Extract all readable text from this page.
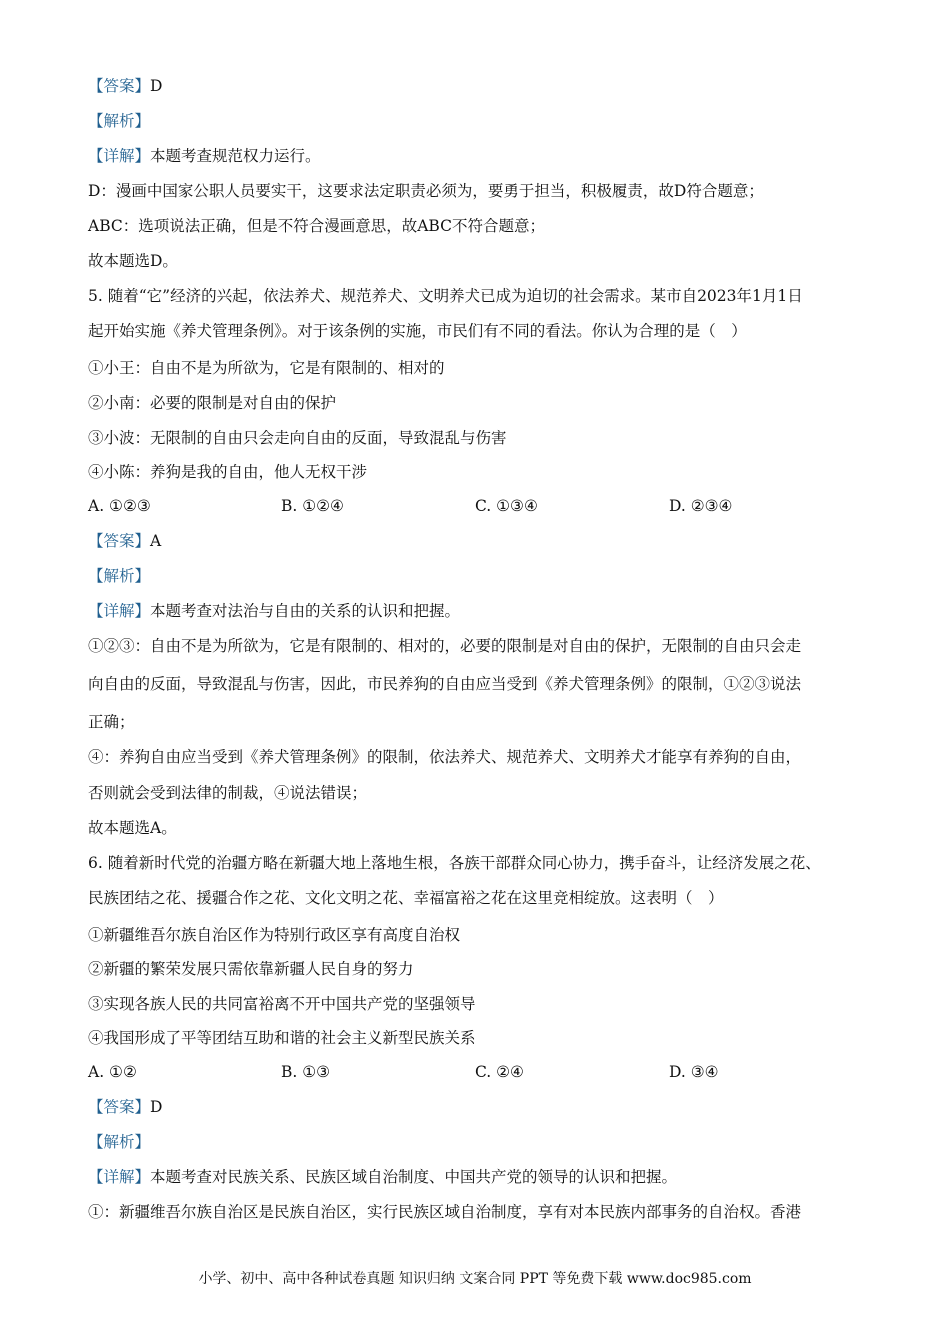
【答案】D
【解析】
【详解】本题考查规范权力运行。
D：漫画中国家公职人员要实干，这要求法定职责必须为，要勇于担当，积极履责，故D符合题意；
ABC：选项说法正确，但是不符合漫画意思，故ABC不符合题意；
故本题选D。
5. 随着“它”经济的兴起，依法养犬、规范养犬、文明养犬已成为迫切的社会需求。某市自2023年1月1日
起开始实施《养犬管理条例》。对于该条例的实施，市民们有不同的看法。你认为合理的是（　）
①小王：自由不是为所欲为，它是有限制的、相对的
②小南：必要的限制是对自由的保护
③小波：无限制的自由只会走向自由的反面，导致混乱与伤害
④小陈：养狗是我的自由，他人无权干涉
A. ①②③	B. ①②④	C. ①③④	D. ②③④
【答案】A
【解析】
【详解】本题考查对法治与自由的关系的认识和把握。
①②③：自由不是为所欲为，它是有限制的、相对的，必要的限制是对自由的保护，无限制的自由只会走
向自由的反面，导致混乱与伤害，因此，市民养狗的自由应当受到《养犬管理条例》的限制，①②③说法
正确；
④：养狗自由应当受到《养犬管理条例》的限制，依法养犬、规范养犬、文明养犬才能享有养狗的自由，
否则就会受到法律的制裁，④说法错误；
故本题选A。
6. 随着新时代党的治疆方略在新疆大地上落地生根，各族干部群众同心协力，携手奋斗，让经济发展之花、
民族团结之花、援疆合作之花、文化文明之花、幸福富裕之花在这里竞相绽放。这表明（　）
①新疆维吾尔族自治区作为特别行政区享有高度自治权
②新疆的繁荣发展只需依靠新疆人民自身的努力
③实现各族人民的共同富裕离不开中国共产党的坚强领导
④我国形成了平等团结互助和谐的社会主义新型民族关系
A. ①②	B. ①③	C. ②④	D. ③④
【答案】D
【解析】
【详解】本题考查对民族关系、民族区域自治制度、中国共产党的领导的认识和把握。
①：新疆维吾尔族自治区是民族自治区，实行民族区域自治制度，享有对本民族内部事务的自治权。香港
小学、初中、高中各种试卷真题 知识归纳 文案合同 PPT 等免费下载 www.doc985.com
